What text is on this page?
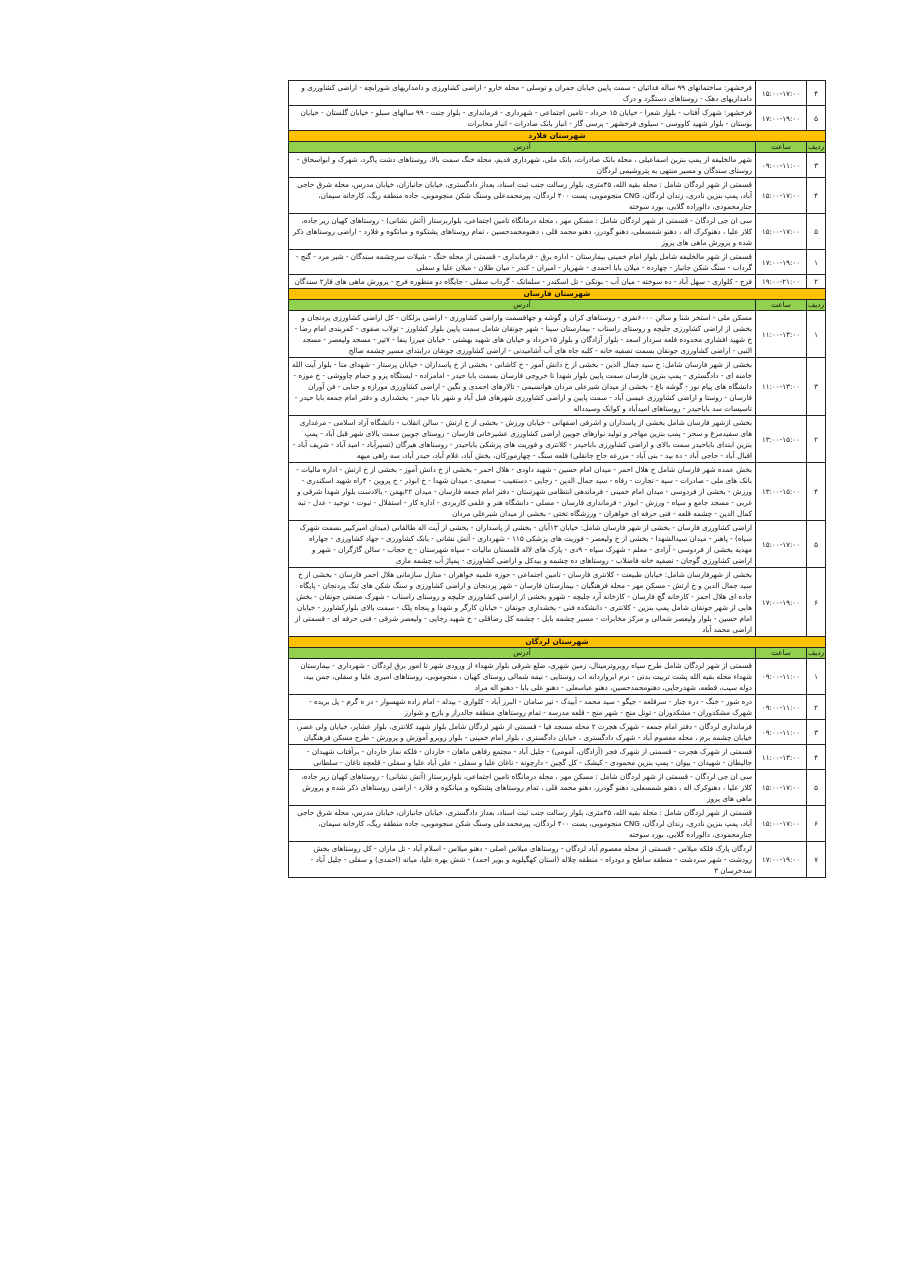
۴	۱۵:۰۰-۱۷:۰۰	فرخشهر: ساختمانهای ۹۹ ساله فدائیان - سمت پایین خیابان جمران و توسلی - محله خارو - اراضی کشاورزی و دامداریهای شورابچه - اراضی کشاورزی و دامداریهای دهک - روستاهای دستگرد و درک
۵	۱۷:۰۰-۱۹:۰۰	فرخشهر: شهرک آفتاب - بلوار شعرا - خیابان ۱۵ خرداد - تامین اجتماعی - شهرداری - فرمانداری - بلوار جنت - ۹۹ سالهای سبلو - خیابان گلستان - خیابان بوستان - بلوار شهید کاووسی - سیلوی فرخشهر - پرسی گاز - انبار بانک صادرات - انبار مخابرات
شهرستان فلارد		
ردیف	ساعت	آدرس
۳	۰۹:۰۰-۱۱:۰۰	شهر مالخلیفه از پمپ بنزین اسماعیلی ، محله بانک صادرات، بانک ملی، شهرداری قدیم، محله خنگ سمت بالا، روستاهای دشت پاگرد، شهرک و ابواسحاق - روستای سندگان و مسیر منتهی به پتروشیمی لردگان
۴	۱۵:۰۰-۱۷:۰۰	قسمتی از شهر لردگان شامل : محله بقیه الله، ۴۵متری، بلوار رسالت جنب ثبت اسناد، بعداز دادگستری، خیابان جانبازان، خیابان مدرس، محله شرق حاجی آباد، پمپ بنزین نادری، زندان لردگان، CNG منجوموبی، پست ۴۰۰ لردگان، پیرمحمدعلی وسنگ شکن منجوموبی، جاده منطقه ریگ، کارخانه سیمان، جنارمحمودی، دالوراده گلابی، بورد سوخته
۵	۱۵:۰۰-۱۷:۰۰	سی ان جی لردگان - قسمتی از شهر لردگان شامل : مسکن مهر ، محله درمانگاه تامین اجتماعی، بلواربرستار (آتش نشانی) - روستاهای کهیان زیر جاده، کلاز علیا ، دهنوکرک اله ، دهنو شمسعلی، دهنو گودرز، دهنو محمد قلی ، دهنومحمدحسین ، تمام روستاهای پشتکوه و مبانکوه و فلارد - اراضی روستاهای ذکر شده و پرورش ماهی های پروز
۱	۱۷:۰۰-۱۹:۰۰	قسمتی از شهر مالخلیفه شامل بلوار امام خمینی بیمارستان - اداره برق - فرمانداری - قسمتی از محله خنگ - شیلات سرچشمه سندگان - شیر مرد - گنج - گرداب - سنگ شکن جانباز - چهارده - میلان بابا احمدی - شهریار - امیران - کندر - میان طلان - میلان علیا و سفلی
۲	۱۹:۰۰-۲۱:۰۰	فرج - کلواری - سهل آباد - ده سوخته - میان آب - بونکی - تل اسکندر - سلمانک - گرداب سفلی - جایگاه دو منظوره فرج - پرورش ماهی های قاز۲ سندگان
شهرستان فارسان		
ردیف	ساعت	آدرس
۱	۱۱:۰۰-۱۳:۰۰	مسکن ملی - استخر شنا و سالن ۶۰۰۰نفری - روستاهای کران و گوشه و جهاقسمت واراضی کشاورزی - اراضی بزلکان - کل اراضی کشاورزی پردنجان و بخشی از اراضی کشاورزی جلیچه و روستای راستاب - بیمارستان سینا - شهر جونقان شامل سمت پایین بلوار کشاورز - تولاب صفوی - کمربندی امام رضا - خ شهید افشاری محدوده قلعه سردار اسعد - بلوار آزادگان و بلوار ۱۵خرداد و خیابان های شهید بهشتی - خیابان میرزا ینفا - ۷تیر - مسجد ولیعصر - مسجد النبی - اراضی کشاورزی جونقان بسمت تصفیه خانه - کلبه جاه های آب آشامیدنی - اراضی کشاورزی جونقان درابتدای مسیر چشمه صالح
۳	۱۱:۰۰-۱۳:۰۰	بخشی از شهر فارسان شامل: خ سید جمال الدین - بخشی از خ دانش آموز - خ کاشانی - بخشی از خ پاسداران - خیابان پرستار - شهدای منا - بلوار آیت الله خامنه ای - دادگستری - پمپ بنزین فارسان سمت پایین بلوار شهدا تا خروجی فارسان بسمت بابا حیدر - امامزاده - ایستگاه پزو و حمام چاووشی - خ موزه - دانشگاه های پیام نور - گوشه باغ - بخشی از میدان شیرعلی مردان هوانسیمی - تالارهای احمدی و نگین - اراضی کشاورزی مورازه و حنایی - فن آوران فارسان - روستا و اراضی کشاورزی عیسی آباد - سمت پایین و اراضی کشاورزی شهرهای قبل آباد و شهر بابا حیدر - بخشداری و دفتر امام جمعه بابا حیدر - تاسیسات سد باباحیدر - روستاهای امیدآباد و کوانک وسیدداله
۲	۱۳:۰۰-۱۵:۰۰	بخشی ازشهر فارسان شامل بخشی از پاسداران و اشرفی اصفهانی - خیابان ورزش - بخشی از خ ارتش - سالن انقلاب - دانشگاه آزاد اسلامی - مرغداری های سفیدمرغ و سحر - پمپ بنزین مهاجر و تولید نوارهای جوبین اراضی کشاورزی عشیرخانی فارسان - روستای جوبین سمت بالای شهر قبل آباد - پمپ بنزین ابتدای باباحیدر سمت بالای و اراضی کشاورزی باباحیدر - کلانتری و فوریت های پزشکی باباحیدر - روستاهای هیرگان (تسیرآباد - امید آباد - شریف آباد - اقبال آباد - حاجی آباد - ده بید - بنی آباد - مزرعه حاج جانقلی) قلعه سنگ - چهارمورکان، بخش آباد، غلام آباد، حیدر آباد، سه راهی میهه
۴	۱۳:۰۰-۱۵:۰۰	بخش عمده شهر فارسان شامل خ هلال احمر - میدان امام حسین - شهید داودی - هلال احمر - بخشی از خ دانش آموز - بخشی از خ ارتش - اداره مالیات - بانک های ملی - صادرات - سپه - تجارت - رفاه - سید جمال الدین - رجایی - دستغیب - سعیدی - میدان شهدا - خ ابوذر - خ پروین - ۴راه شهید اسکندری - ورزش - بخشی از فردوسی - میدان امام خمینی - فرماندهی انتظامی شهرستان - دفتر امام جمعه فارسان - میدان ۲۲بهمن - بالادست بلوار شهدا شرقی و غربی - مسجد جامع و سپاه - ورزش - ابوذر - فرمانداری فارسان - مصلی - دانشگاه هنر و علمی کاربردی - اداره کار - استقلال - ثبوت - توحید - عدل - تبه کمال الدین - چشمه قلعه - فنی حرفه ای خواهران - ورزشگاه تختی - بخشی از میدان شیرعلی مردان
۵	۱۵:۰۰-۱۷:۰۰	اراضی کشاورزی فارسان - بخشی از شهر فارسان شامل: خیابان ۱۳آبان - بخشی از پاسداران - بخشی از آیت اله طالقانی (میدان امیرکبیر بسمت شهرک سپاه) - پاهنر - میدان سیدالشهدا - بخشی از خ ولیعصر - فوریت های پزشکی ۱۱۵ - شهرداری - آتش نشانی - بانک کشاورزی - جهاد کشاورزی - جهاراه مهدیه بخشی از فردوسی - آزادی - معلم - شهرک سپاه - ۹دی - پارک های لاله قلمستان مالیات - سپاه شهرستان - خ حجاب - سالن گازگران - شهر و اراضی کشاورزی گوجان - تصفیه خانه فاضلاب - روستاهای ده چشمه و بیدکل و اراضی کشاورزی - پمپاژ آب چشمه ماری
۶	۱۷:۰۰-۱۹:۰۰	بخشی از شهرفارسان شامل: خیابان طبیعت - کلانتری فارسان - تامین اجتماعی - حوزه علمیه خواهران - منازل سازمانی هلال احمر فارسان - بخشی از خ سید جمال الدین و خ ارتش - مسکن مهر - محله فرهنگیان - بیمارستان فارسان - شهر پردنجان و اراضی کشاورزی و سنگ شکن های تنگ پردنجان - پایگاه جاده ای هلال احمر - کارخانه گچ فارسان - کارخانه آرد جلیچه - شهرو بخشی از اراضی کشاورزی جلیچه و روستای راستاب - شهرک صنعتی جونقان - بخش هایی از شهر جونقان شامل پمپ بنزین - کلانتری - دانشکده فنی - بخشداری جونقان - خیابان کارگر و شهدا و پنجاه پلک - سمت بالای بلوارکشاورز - خیابان امام حسین - بلوار ولیعصر شمالی و مرکز مخابرات - مسیر چشمه بابل - چشمه کل رضاقلی - خ شهید رجایی - ولیعصر شرقی - فنی حرفه ای - قسمتی از اراضی محمد آباد
شهرستان لردگان		
ردیف	ساعت	آدرس
۱	۰۹:۰۰-۱۱:۰۰	قسمتی از شهر لردگان شامل طرح سپاه روبروترمینال، زمین شهری، ضلع شرقی بلوار شهداء از ورودی شهر تا امور برق لردگان - شهرداری - بیمارستان شهداء محله بقیه الله پشت تربیت بدنی - نرم ابرواردانه اب روستایی - نیمه شمالی روستای کهیان ، منجوموبی، روستاهای امیری علیا و سفلی، جمن بید، دوله سیب، قطعه، شهدرجایی، دهنومحمدحسین، دهنو عباسعلی - دهنو علی بابا - دهنو اله مراد
۲	۰۹:۰۰-۱۱:۰۰	دره شور - خنگ - دره جنار - سرقلعه - جیگو - سید محمد - آبیدک - تیر سامان - البرز آباد - کلواری - بیدله - امام زاده شهسوار - در ه گرم - پل بریده - شهرک مشکدوران - مشکدوران - تونل منج - شهر منج - قلعه مدرسه - تمام روستاهای منطقه جالدراز و بازج و شوارز
۳	۰۹:۰۰-۱۱:۰۰	فرمانداری لردگان - دفتر امام جمعه - شهرک هجرت ۲ محله مسجد فیا - قسمتی از شهر لردگان شامل بلوار شهید کلانتری، بلوار عشایر، خیابان ولی عصر، خیابان چشمه برم ، محله معصوم آباد - شهرک دادگستری ، خیابان دادگستری ، بلوار امام خمینی - بلوار روبرو آموزش و پرورش - طرح مسکن فرهنگیان
۴	۱۱:۰۰-۱۳:۰۰	قسمتی از شهرک هجرت - قسمتی از شهرک فجر (آزادگان، آمومی) - جلیل آباد - مجتمع رفاهی ماهان - خاردان - فلکه نماز خاردان - برآفتاب شهیدان - جالیطان - شهیدان - بیوان - پمپ بنزین محمودی - کیشک - کل گچین - دارچونه - ناغان علیا و سفلی - علی آباد علیا و سفلی - قلعچه ناغان - سلطانی
۵	۱۵:۰۰-۱۷:۰۰	سی ان جی لردگان - قسمتی از شهر لردگان شامل : مسکن مهر ، محله درمانگاه تامین اجتماعی، بلواربرستار (آتش نشانی) - روستاهای کهیان زیر جاده، کلاز علیا ، دهنوکرک اله ، دهنو شمسعلی، دهنو گودرز، دهنو محمد قلی ، تمام روستاهای پشتکوه و مبانکوه و فلارد - اراضی روستاهای ذکر شده و پرورش ماهی های پروز
۶	۱۵:۰۰-۱۷:۰۰	قسمتی از شهر لردگان شامل : محله بقیه الله، ۴۵متری، بلوار رسالت جنب ثبت اسناد، بعداز دادگستری، خیابان جانبازان، خیابان مدرس، محله شرق حاجی آباد، پمپ بنزین نادری، زندان لردگان، CNG منجوموبی، پست ۴۰۰ لردگان، پیرمحمدعلی وسنگ شکن منجوموبی، جاده منطقه ریگ، کارخانه سیمان، جنارمحمودی، دالوراده گلابی، بورد سوخته
۷	۱۷:۰۰-۱۹:۰۰	لردگان پارک فلکه میلاس - قسمتی از محله معصوم آباد لردگان - روستاهای میلاس اصلی - دهنو میلاس - اسلام آباد - تل ماران - کل روستاهای بخش رودشت - شهر سردشت - منطقه ساطح و دودراه - منطقه چلاله (استان کهگیلویه و بویر احمد) - شش بهره علیا، میانه (احمدی) و سفلی - جلیل آباد - سدخرسان ۳
